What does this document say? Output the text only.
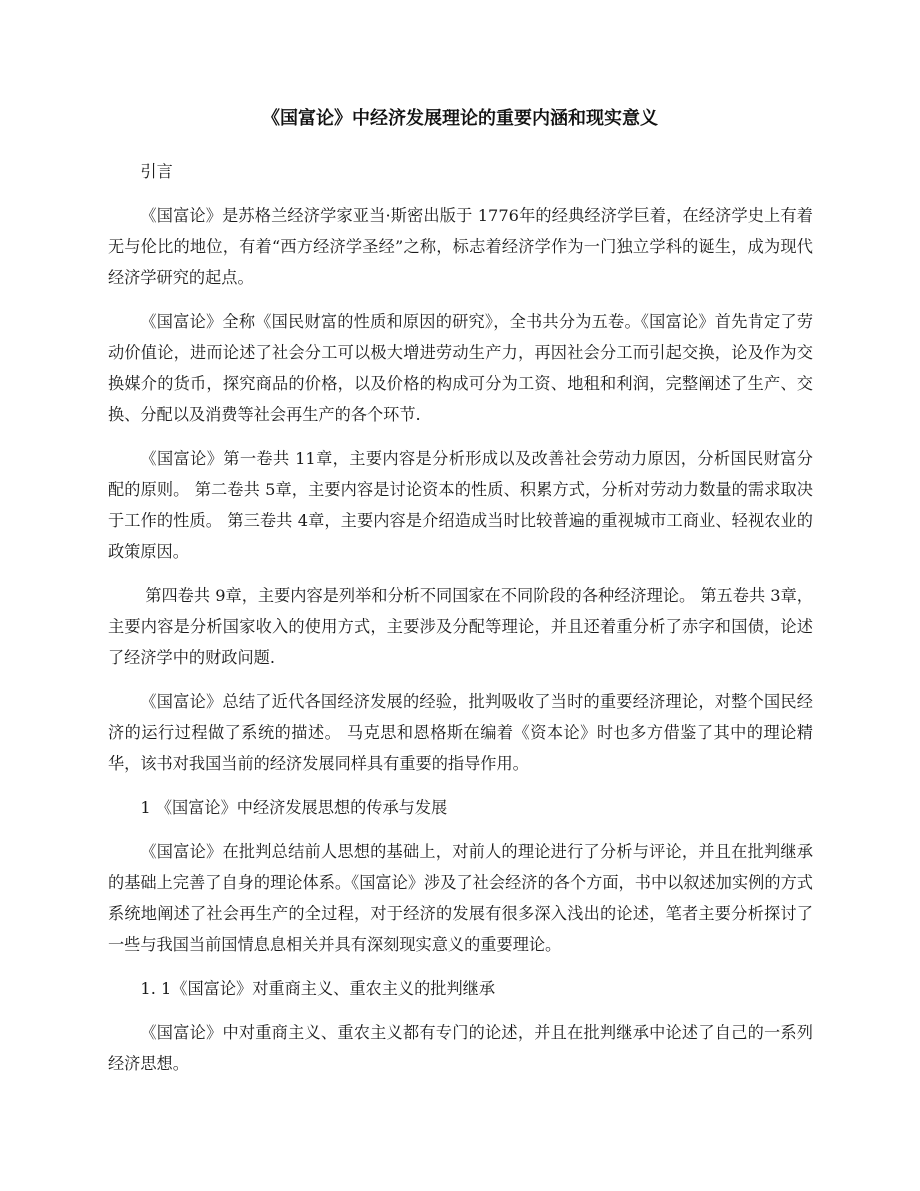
《国富论》中经济发展理论的重要内涵和现实意义

引言

《国富论》是苏格兰经济学家亚当·斯密出版于 1776年的经典经济学巨着，在经济学史上有着无与伦比的地位，有着“西方经济学圣经”之称，标志着经济学作为一门独立学科的诞生，成为现代经济学研究的起点。

《国富论》全称《国民财富的性质和原因的研究》，全书共分为五卷。《国富论》首先肯定了劳动价值论，进而论述了社会分工可以极大增进劳动生产力，再因社会分工而引起交换，论及作为交换媒介的货币，探究商品的价格，以及价格的构成可分为工资、地租和利润，完整阐述了生产、交换、分配以及消费等社会再生产的各个环节.

《国富论》第一卷共 11章，主要内容是分析形成以及改善社会劳动力原因，分析国民财富分配的原则。 第二卷共 5章，主要内容是讨论资本的性质、积累方式，分析对劳动力数量的需求取决于工作的性质。 第三卷共 4章，主要内容是介绍造成当时比较普遍的重视城市工商业、轻视农业的政策原因。

第四卷共 9章，主要内容是列举和分析不同国家在不同阶段的各种经济理论。 第五卷共 3章，主要内容是分析国家收入的使用方式，主要涉及分配等理论，并且还着重分析了赤字和国债，论述了经济学中的财政问题.

《国富论》总结了近代各国经济发展的经验，批判吸收了当时的重要经济理论，对整个国民经济的运行过程做了系统的描述。 马克思和恩格斯在编着《资本论》时也多方借鉴了其中的理论精华，该书对我国当前的经济发展同样具有重要的指导作用。

1 《国富论》中经济发展思想的传承与发展

《国富论》在批判总结前人思想的基础上，对前人的理论进行了分析与评论，并且在批判继承的基础上完善了自身的理论体系。《国富论》涉及了社会经济的各个方面，书中以叙述加实例的方式系统地阐述了社会再生产的全过程，对于经济的发展有很多深入浅出的论述，笔者主要分析探讨了一些与我国当前国情息息相关并具有深刻现实意义的重要理论。

1. 1《国富论》对重商主义、重农主义的批判继承

《国富论》中对重商主义、重农主义都有专门的论述，并且在批判继承中论述了自己的一系列经济思想。
